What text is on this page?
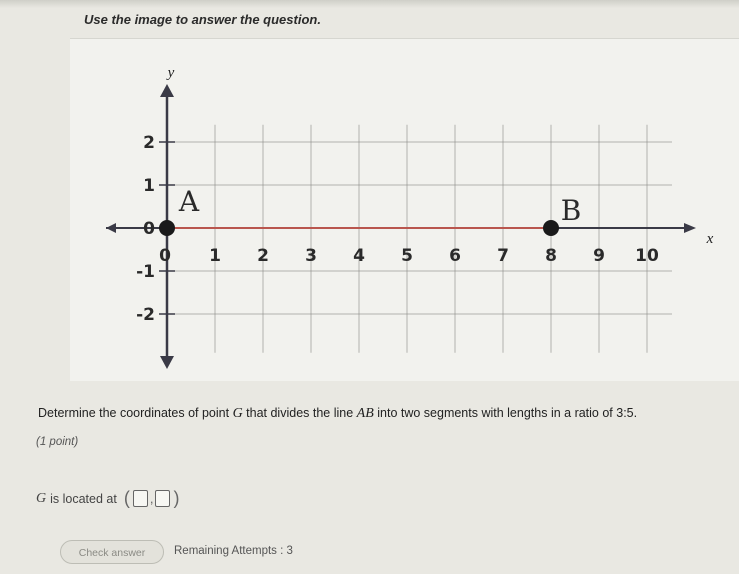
Use the image to answer the question.
y
x
0 1 2 3 4 5 6 7 8 9 10
2
1
0
-1
-2
A	B
Determine the coordinates of point G that divides the line AB into two segments with lengths in a ratio of 3:5.
(1 point)
G is located at ( , )
Check answer	Remaining Attempts : 3
